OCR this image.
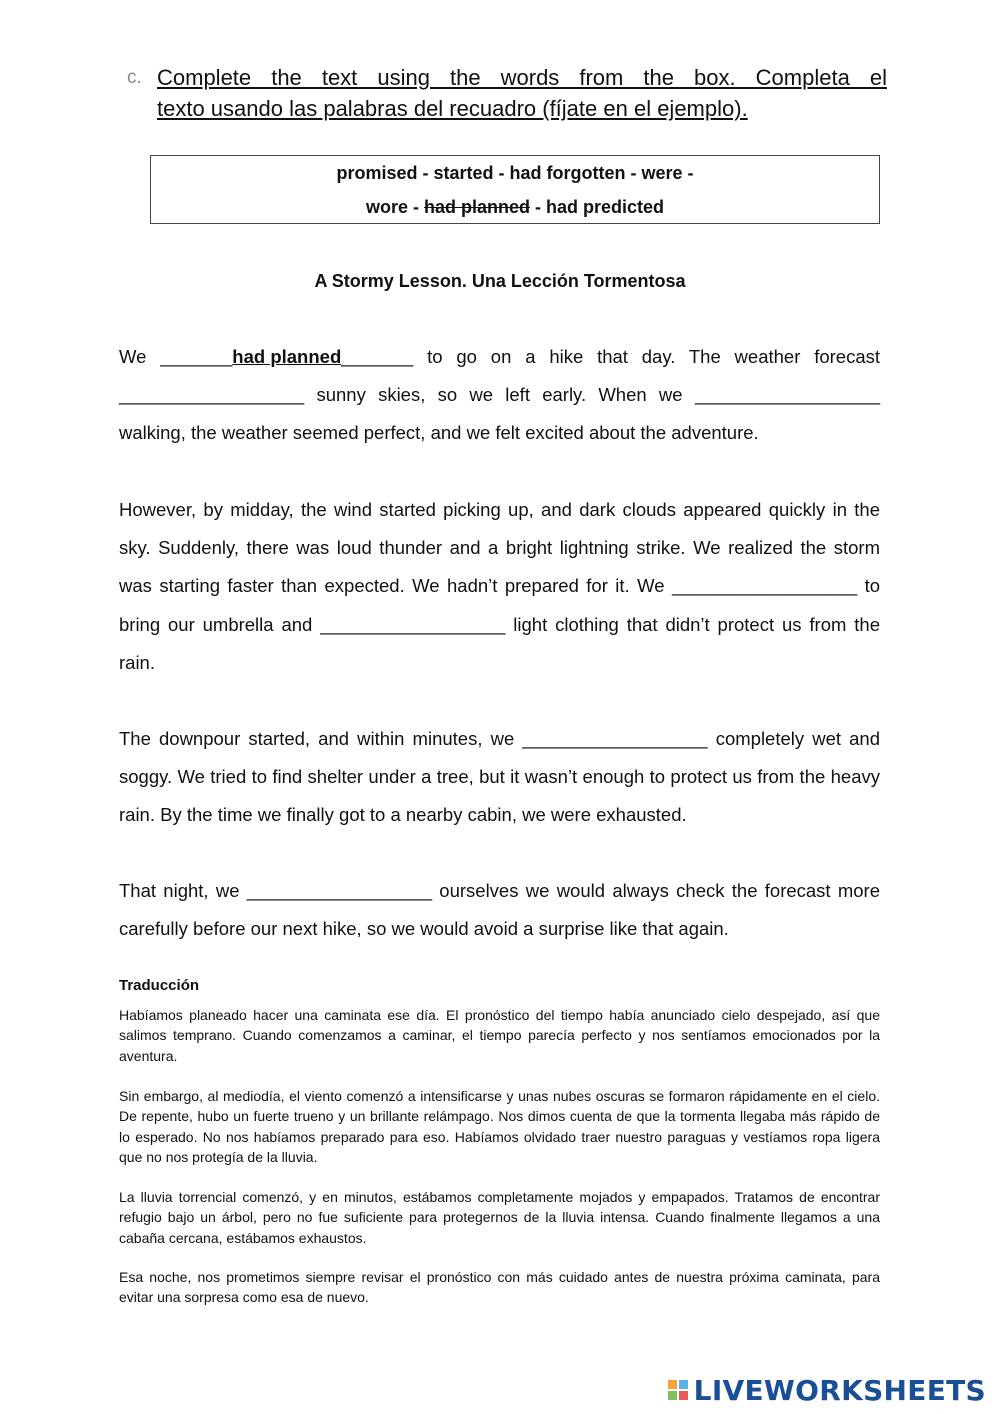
c. Complete the text using the words from the box. Completa el
texto usando las palabras del recuadro (fíjate en el ejemplo).
promised - started - had forgotten - were -
wore - had planned - had predicted
A Stormy Lesson. Una Lección Tormentosa
We _______had planned_______ to go on a hike that day. The weather forecast __________________ sunny skies, so we left early. When we __________________ walking, the weather seemed perfect, and we felt excited about the adventure.
However, by midday, the wind started picking up, and dark clouds appeared quickly in the sky. Suddenly, there was loud thunder and a bright lightning strike. We realized the storm was starting faster than expected. We hadn’t prepared for it. We __________________ to bring our umbrella and __________________ light clothing that didn’t protect us from the rain.
The downpour started, and within minutes, we __________________ completely wet and soggy. We tried to find shelter under a tree, but it wasn’t enough to protect us from the heavy rain. By the time we finally got to a nearby cabin, we were exhausted.
That night, we __________________ ourselves we would always check the forecast more carefully before our next hike, so we would avoid a surprise like that again.
Traducción
Habíamos planeado hacer una caminata ese día. El pronóstico del tiempo había anunciado cielo despejado, así que salimos temprano. Cuando comenzamos a caminar, el tiempo parecía perfecto y nos sentíamos emocionados por la aventura.
Sin embargo, al mediodía, el viento comenzó a intensificarse y unas nubes oscuras se formaron rápidamente en el cielo. De repente, hubo un fuerte trueno y un brillante relámpago. Nos dimos cuenta de que la tormenta llegaba más rápido de lo esperado. No nos habíamos preparado para eso. Habíamos olvidado traer nuestro paraguas y vestíamos ropa ligera que no nos protegía de la lluvia.
La lluvia torrencial comenzó, y en minutos, estábamos completamente mojados y empapados. Tratamos de encontrar refugio bajo un árbol, pero no fue suficiente para protegernos de la lluvia intensa. Cuando finalmente llegamos a una cabaña cercana, estábamos exhaustos.
Esa noche, nos prometimos siempre revisar el pronóstico con más cuidado antes de nuestra próxima caminata, para evitar una sorpresa como esa de nuevo.
LIVEWORKSHEETS
